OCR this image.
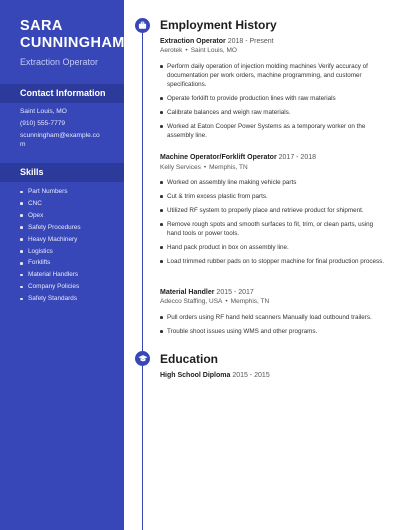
SARA
CUNNINGHAM
Extraction Operator
Contact Information
Saint Louis, MO
(910) 555-7779
scunningham@example.co
m
Skills
Part Numbers
CNC
Opex
Safety Procedures
Heavy Machinery
Logistics
Forklifts
Material Handlers
Company Policies
Safety Standards
Employment History
Extraction Operator 2018 - Present
Aerotek • Saint Louis, MO
Perform daily operation of injection molding machines Verify accuracy of documentation per work orders, machine programming, and customer specifications.
Operate forklift to provide production lines with raw materials
Calibrate balances and weigh raw materials.
Worked at Eaton Cooper Power Systems as a temporary worker on the assembly line.
Machine Operator/Forklift Operator 2017 - 2018
Kelly Services • Memphis, TN
Worked on assembly line making vehicle parts
Cut & trim excess plastic from parts.
Utilized RF system to properly place and retrieve product for shipment.
Remove rough spots and smooth surfaces to fit, trim, or clean parts, using hand tools or power tools.
Hand pack product in box on assembly line.
Load trimmed rubber pads on to stopper machine for final production process.
Material Handler 2015 - 2017
Adecco Staffing, USA • Memphis, TN
Pull orders using RF hand held scanners Manually load outbound trailers.
Trouble shoot issues using WMS and other programs.
Education
High School Diploma 2015 - 2015
